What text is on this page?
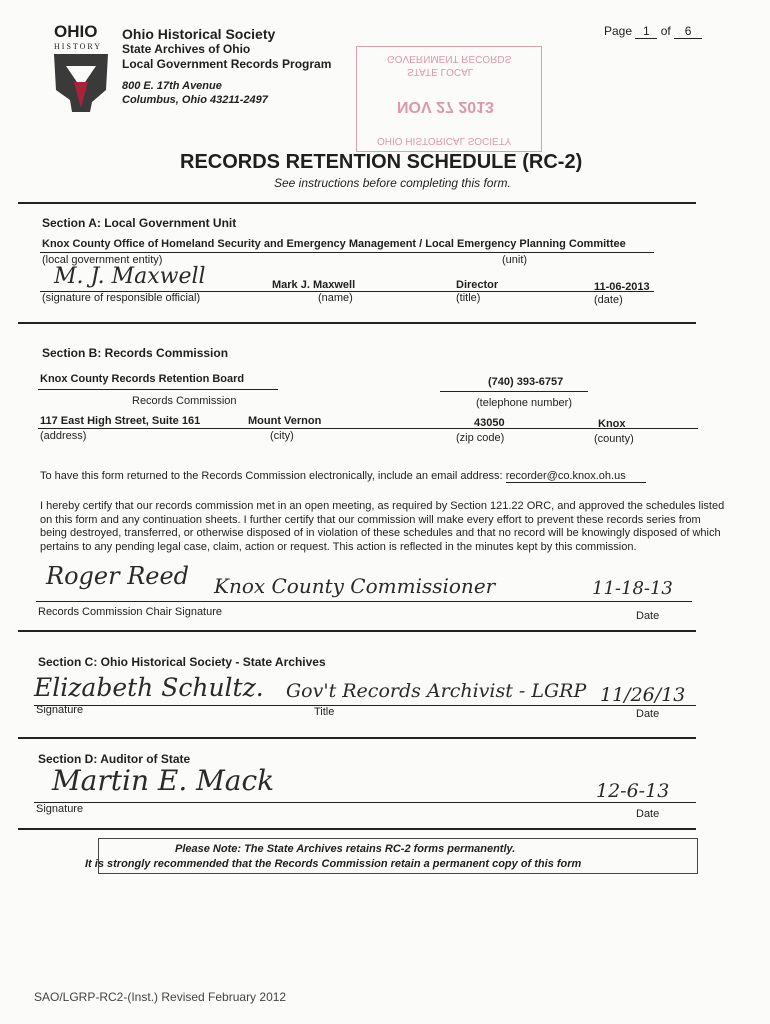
OHIO
HISTORY
Ohio Historical Society
State Archives of Ohio
Local Government Records Program
800 E. 17th Avenue
Columbus, Ohio 43211-2497
Page 1 of 6
GOVERNMENT RECORDS
STATE LOCAL
NOV 27 2013
OHIO HISTORICAL SOCIETY
RECORDS RETENTION SCHEDULE (RC-2)
See instructions before completing this form.
Section A: Local Government Unit
Knox County Office of Homeland Security and Emergency Management / Local Emergency Planning Committee
(local government entity)	(unit)
M. J. Maxwell
(signature of responsible official)
Mark J. Maxwell
(name)
Director
(title)
11-06-2013
(date)
Section B: Records Commission
Knox County Records Retention Board
Records Commission
(740) 393-6757
(telephone number)
117 East High Street, Suite 161	Mount Vernon	43050	Knox
(address)	(city)	(zip code)	(county)
To have this form returned to the Records Commission electronically, include an email address: recorder@co.knox.oh.us
I hereby certify that our records commission met in an open meeting, as required by Section 121.22 ORC, and approved the schedules listed on this form and any continuation sheets. I further certify that our commission will make every effort to prevent these records series from being destroyed, transferred, or otherwise disposed of in violation of these schedules and that no record will be knowingly disposed of which pertains to any pending legal case, claim, action or request. This action is reflected in the minutes kept by this commission.
Roger Reed Knox County Commissioner	11-18-13
Records Commission Chair Signature	Date
Section C: Ohio Historical Society - State Archives
Elizabeth Schultz. Gov't Records Archivist - LGRP 11/26/13
Signature	Title	Date
Section D: Auditor of State
Martin E. Mack	12-6-13
Signature	Date
Please Note: The State Archives retains RC-2 forms permanently.
It is strongly recommended that the Records Commission retain a permanent copy of this form
SAO/LGRP-RC2-(Inst.) Revised February 2012
